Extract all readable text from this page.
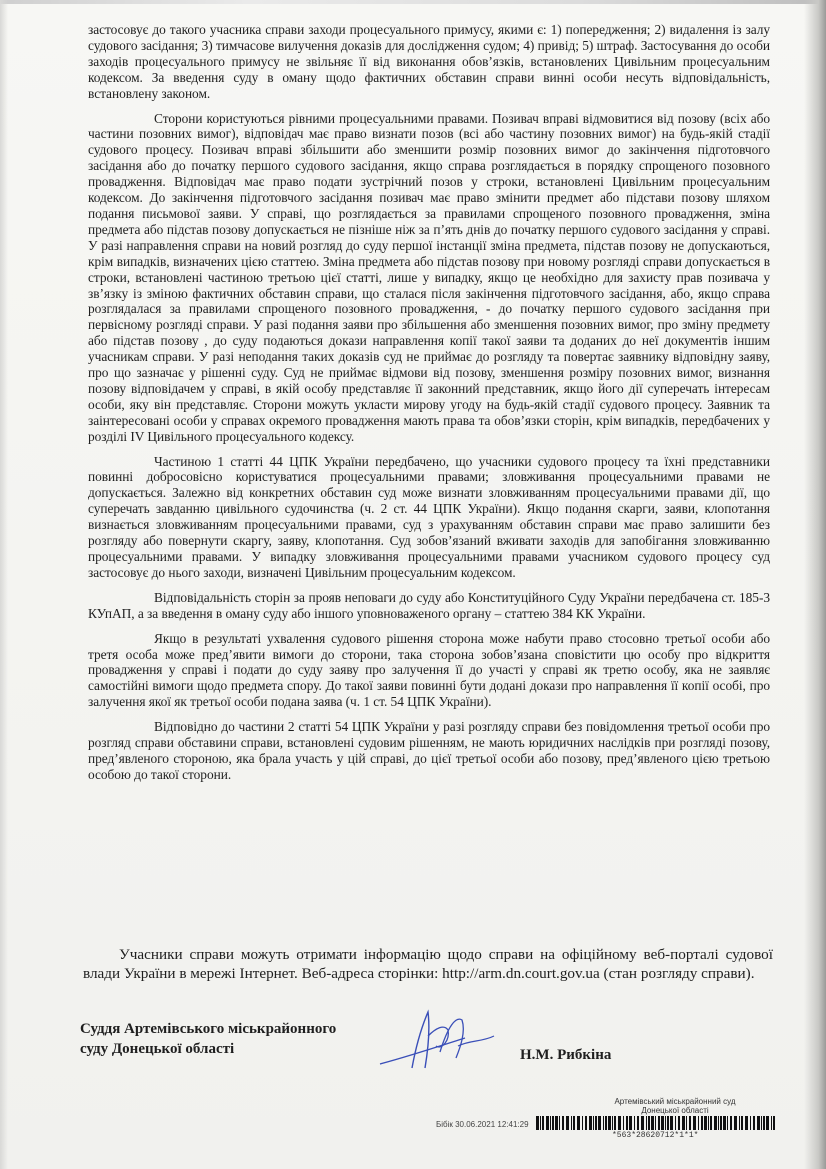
застосовує до такого учасника справи заходи процесуального примусу, якими є: 1) попередження; 2) видалення із залу судового засідання; 3) тимчасове вилучення доказів для дослідження судом; 4) привід; 5) штраф. Застосування до особи заходів процесуального примусу не звільняє її від виконання обов’язків, встановлених Цивільним процесуальним кодексом. За введення суду в оману щодо фактичних обставин справи винні особи несуть відповідальність, встановлену законом.

Сторони користуються рівними процесуальними правами. Позивач вправі відмовитися від позову (всіх або частини позовних вимог), відповідач має право визнати позов (всі або частину позовних вимог) на будь-якій стадії судового процесу. Позивач вправі збільшити або зменшити розмір позовних вимог до закінчення підготовчого засідання або до початку першого судового засідання, якщо справа розглядається в порядку спрощеного позовного провадження. Відповідач має право подати зустрічний позов у строки, встановлені Цивільним процесуальним кодексом. До закінчення підготовчого засідання позивач має право змінити предмет або підстави позову шляхом подання письмової заяви. У справі, що розглядається за правилами спрощеного позовного провадження, зміна предмета або підстав позову допускається не пізніше ніж за п’ять днів до початку першого судового засідання у справі. У разі направлення справи на новий розгляд до суду першої інстанції зміна предмета, підстав позову не допускаються, крім випадків, визначених цією статтею. Зміна предмета або підстав позову при новому розгляді справи допускається в строки, встановлені частиною третьою цієї статті, лише у випадку, якщо це необхідно для захисту прав позивача у зв’язку із зміною фактичних обставин справи, що сталася після закінчення підготовчого засідання, або, якщо справа розглядалася за правилами спрощеного позовного провадження, - до початку першого судового засідання при первісному розгляді справи. У разі подання заяви про збільшення або зменшення позовних вимог, про зміну предмету або підстав позову , до суду подаються докази направлення копії такої заяви та доданих до неї документів іншим учасникам справи. У разі неподання таких доказів суд не приймає до розгляду та повертає заявнику відповідну заяву, про що зазначає у рішенні суду. Суд не приймає відмови від позову, зменшення розміру позовних вимог, визнання позову відповідачем у справі, в якій особу представляє її законний представник, якщо його дії суперечать інтересам особи, яку він представляє. Сторони можуть укласти мирову угоду на будь-якій стадії судового процесу. Заявник та заінтересовані особи у справах окремого провадження мають права та обов’язки сторін, крім випадків, передбачених у розділі IV Цивільного процесуального кодексу.

Частиною 1 статті 44 ЦПК України передбачено, що учасники судового процесу та їхні представники повинні добросовісно користуватися процесуальними правами; зловживання процесуальними правами не допускається. Залежно від конкретних обставин суд може визнати зловживанням процесуальними правами дії, що суперечать завданню цивільного судочинства (ч. 2 ст. 44 ЦПК України). Якщо подання скарги, заяви, клопотання визнається зловживанням процесуальними правами, суд з урахуванням обставин справи має право залишити без розгляду або повернути скаргу, заяву, клопотання. Суд зобов’язаний вживати заходів для запобігання зловживанню процесуальними правами. У випадку зловживання процесуальними правами учасником судового процесу суд застосовує до нього заходи, визначені Цивільним процесуальним кодексом.

Відповідальність сторін за прояв неповаги до суду або Конституційного Суду України передбачена ст. 185-3 КУпАП, а за введення в оману суду або іншого уповноваженого органу – статтею 384 КК України.

Якщо в результаті ухвалення судового рішення сторона може набути право стосовно третьої особи або третя особа може пред’явити вимоги до сторони, така сторона зобов’язана сповістити цю особу про відкриття провадження у справі і подати до суду заяву про залучення її до участі у справі як третю особу, яка не заявляє самостійні вимоги щодо предмета спору. До такої заяви повинні бути додані докази про направлення її копії особі, про залучення якої як третьої особи подана заява (ч. 1 ст. 54 ЦПК України).

Відповідно до частини 2 статті 54 ЦПК України у разі розгляду справи без повідомлення третьої особи про розгляд справи обставини справи, встановлені судовим рішенням, не мають юридичних наслідків при розгляді позову, пред’явленого стороною, яка брала участь у цій справі, до цієї третьої особи або позову, пред’явленого цією третьою особою до такої сторони.

Учасники справи можуть отримати інформацію щодо справи на офіційному веб-порталі судової влади України в мережі Інтернет. Веб-адреса сторінки: http://arm.dn.court.gov.ua (стан розгляду справи).
Суддя Артемівського міськрайонного
суду Донецької області	Н.М. Рибкіна
Артемівський міськрайонний суд
Донецької області
Бібік 30.06.2021 12:41:29
*563*28620712*1*1*
